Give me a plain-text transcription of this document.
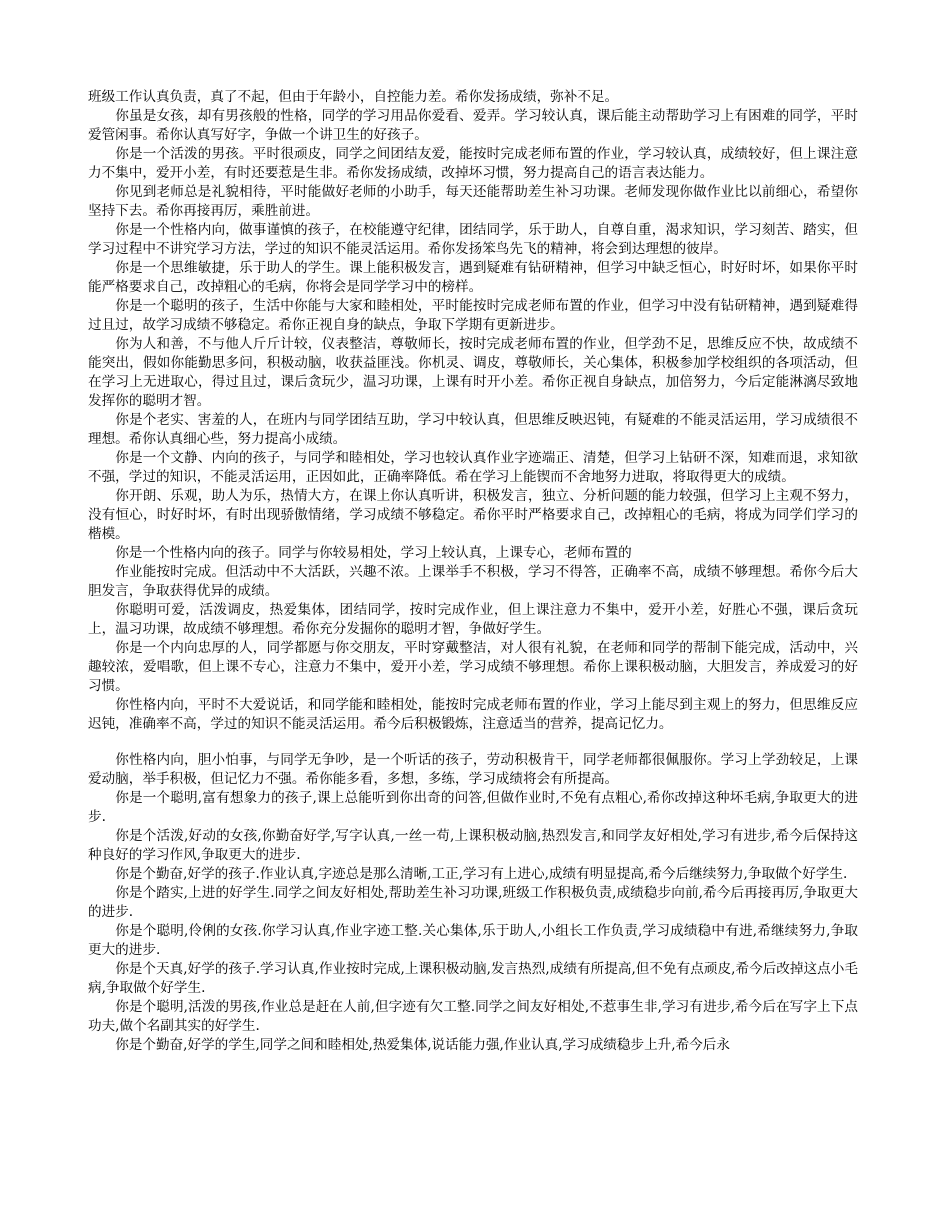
班级工作认真负责，真了不起，但由于年龄小，自控能力差。希你发扬成绩，弥补不足。

你虽是女孩，却有男孩般的性格，同学的学习用品你爱看、爱弄。学习较认真，课后能主动帮助学习上有困难的同学，平时爱管闲事。希你认真写好字，争做一个讲卫生的好孩子。

你是一个活泼的男孩。平时很顽皮，同学之间团结友爱，能按时完成老师布置的作业，学习较认真，成绩较好，但上课注意力不集中，爱开小差，有时还要惹是生非。希你发扬成绩，改掉坏习惯，努力提高自己的语言表达能力。

你见到老师总是礼貌相待，平时能做好老师的小助手，每天还能帮助差生补习功课。老师发现你做作业比以前细心，希望你坚持下去。希你再接再厉，乘胜前进。

你是一个性格内向，做事谨慎的孩子，在校能遵守纪律，团结同学，乐于助人，自尊自重，渴求知识，学习刻苦、踏实，但学习过程中不讲究学习方法，学过的知识不能灵活运用。希你发扬笨鸟先飞的精神，将会到达理想的彼岸。

你是一个思维敏捷，乐于助人的学生。课上能积极发言，遇到疑难有钻研精神，但学习中缺乏恒心，时好时坏，如果你平时能严格要求自己，改掉粗心的毛病，你将会是同学学习中的榜样。

你是一个聪明的孩子，生活中你能与大家和睦相处，平时能按时完成老师布置的作业，但学习中没有钻研精神，遇到疑难得过且过，故学习成绩不够稳定。希你正视自身的缺点，争取下学期有更新进步。

你为人和善，不与他人斤斤计较，仪表整洁，尊敬师长，按时完成老师布置的作业，但学劲不足，思维反应不快，故成绩不能突出，假如你能勤思多问，积极动脑，收获益匪浅。你机灵、调皮，尊敬师长，关心集体，积极参加学校组织的各项活动，但在学习上无进取心，得过且过，课后贪玩少，温习功课，上课有时开小差。希你正视自身缺点，加倍努力，今后定能淋漓尽致地发挥你的聪明才智。

你是个老实、害羞的人，在班内与同学团结互助，学习中较认真，但思维反映迟钝，有疑难的不能灵活运用，学习成绩很不理想。希你认真细心些，努力提高小成绩。

你是一个文静、内向的孩子，与同学和睦相处，学习也较认真作业字迹端正、清楚，但学习上钻研不深，知难而退，求知欲不强，学过的知识，不能灵活运用，正因如此，正确率降低。希在学习上能锲而不舍地努力进取，将取得更大的成绩。

你开朗、乐观，助人为乐，热情大方，在课上你认真听讲，积极发言，独立、分析问题的能力较强，但学习上主观不努力，没有恒心，时好时坏，有时出现骄傲情绪，学习成绩不够稳定。希你平时严格要求自己，改掉粗心的毛病，将成为同学们学习的楷模。

你是一个性格内向的孩子。同学与你较易相处，学习上较认真，上课专心，老师布置的

作业能按时完成。但活动中不大活跃，兴趣不浓。上课举手不积极，学习不得答，正确率不高，成绩不够理想。希你今后大胆发言，争取获得优异的成绩。

你聪明可爱，活泼调皮，热爱集体，团结同学，按时完成作业，但上课注意力不集中，爱开小差，好胜心不强，课后贪玩上，温习功课，故成绩不够理想。希你充分发掘你的聪明才智，争做好学生。

你是一个内向忠厚的人，同学都愿与你交朋友，平时穿戴整洁，对人很有礼貌，在老师和同学的帮制下能完成，活动中，兴趣较浓，爱唱歌，但上课不专心，注意力不集中，爱开小差，学习成绩不够理想。希你上课积极动脑，大胆发言，养成爱习的好习惯。

你性格内向，平时不大爱说话，和同学能和睦相处，能按时完成老师布置的作业，学习上能尽到主观上的努力，但思维反应迟钝，准确率不高，学过的知识不能灵活运用。希今后积极锻炼，注意适当的营养，提高记忆力。

你性格内向，胆小怕事，与同学无争吵，是一个听话的孩子，劳动积极肯干，同学老师都很佩服你。学习上学劲较足，上课爱动脑，举手积极，但记忆力不强。希你能多看，多想，多练，学习成绩将会有所提高。

你是一个聪明,富有想象力的孩子,课上总能听到你出奇的问答,但做作业时,不免有点粗心,希你改掉这种坏毛病,争取更大的进步.

你是个活泼,好动的女孩,你勤奋好学,写字认真,一丝一苟,上课积极动脑,热烈发言,和同学友好相处,学习有进步,希今后保持这种良好的学习作风,争取更大的进步.

你是个勤奋,好学的孩子.作业认真,字迹总是那么清晰,工正,学习有上进心,成绩有明显提高,希今后继续努力,争取做个好学生.

你是个踏实,上进的好学生.同学之间友好相处,帮助差生补习功课,班级工作积极负责,成绩稳步向前,希今后再接再厉,争取更大的进步.

你是个聪明,伶俐的女孩.你学习认真,作业字迹工整.关心集体,乐于助人,小组长工作负责,学习成绩稳中有进,希继续努力,争取更大的进步.

你是个天真,好学的孩子.学习认真,作业按时完成,上课积极动脑,发言热烈,成绩有所提高,但不免有点顽皮,希今后改掉这点小毛病,争取做个好学生.

你是个聪明,活泼的男孩,作业总是赶在人前,但字迹有欠工整.同学之间友好相处,不惹事生非,学习有进步,希今后在写字上下点功夫,做个名副其实的好学生.

你是个勤奋,好学的学生,同学之间和睦相处,热爱集体,说话能力强,作业认真,学习成绩稳步上升,希今后永
